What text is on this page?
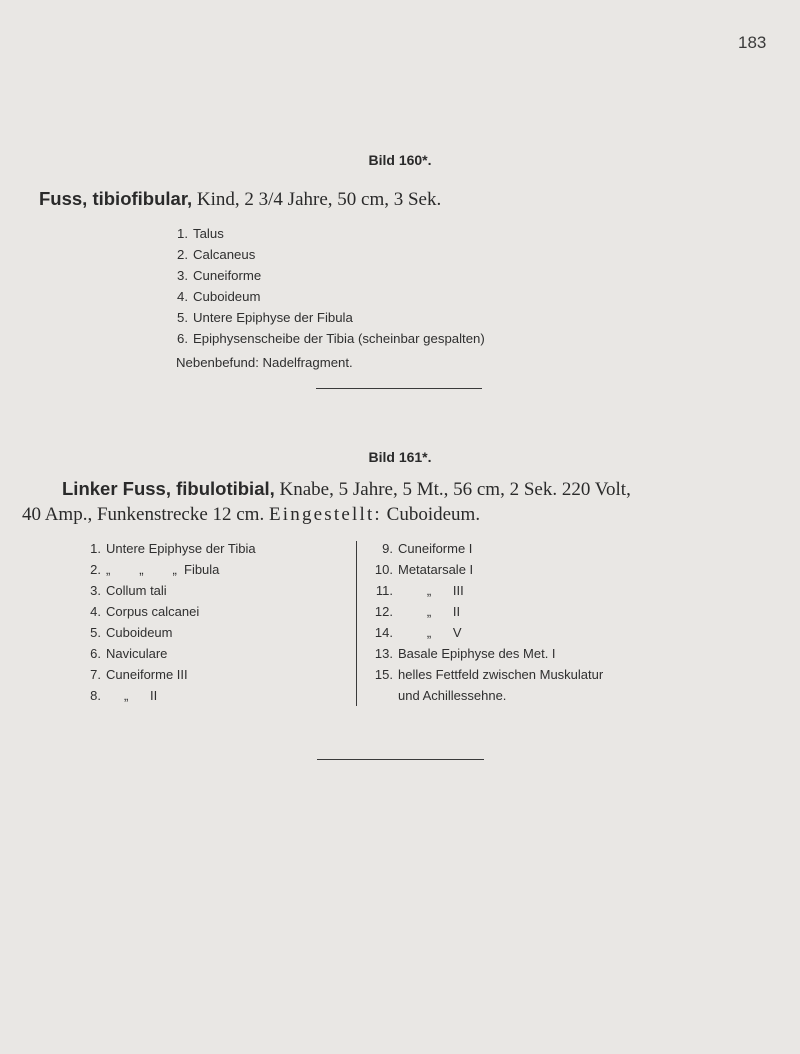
183
Bild 160*.
Fuss, tibiofibular, Kind, 2 3/4 Jahre, 50 cm, 3 Sek.
1. Talus
2. Calcaneus
3. Cuneiforme
4. Cuboideum
5. Untere Epiphyse der Fibula
6. Epiphysenscheibe der Tibia (scheinbar gespalten)
Nebenbefund: Nadelfragment.
Bild 161*.
Linker Fuss, fibulotibial, Knabe, 5 Jahre, 5 Mt., 56 cm, 2 Sek. 220 Volt,
40 Amp., Funkenstrecke 12 cm. Eingestellt: Cuboideum.
1. Untere Epiphyse der Tibia
2. „        „        „  Fibula
3. Collum tali
4. Corpus calcanei
5. Cuboideum
6. Naviculare
7. Cuneiforme III
8. „      II
9. Cuneiforme I
10. Metatarsale I
11. „      III
12. „      II
14. „      V
13. Basale Epiphyse des Met. I
15. helles Fettfeld zwischen Muskulatur
und Achillessehne.
